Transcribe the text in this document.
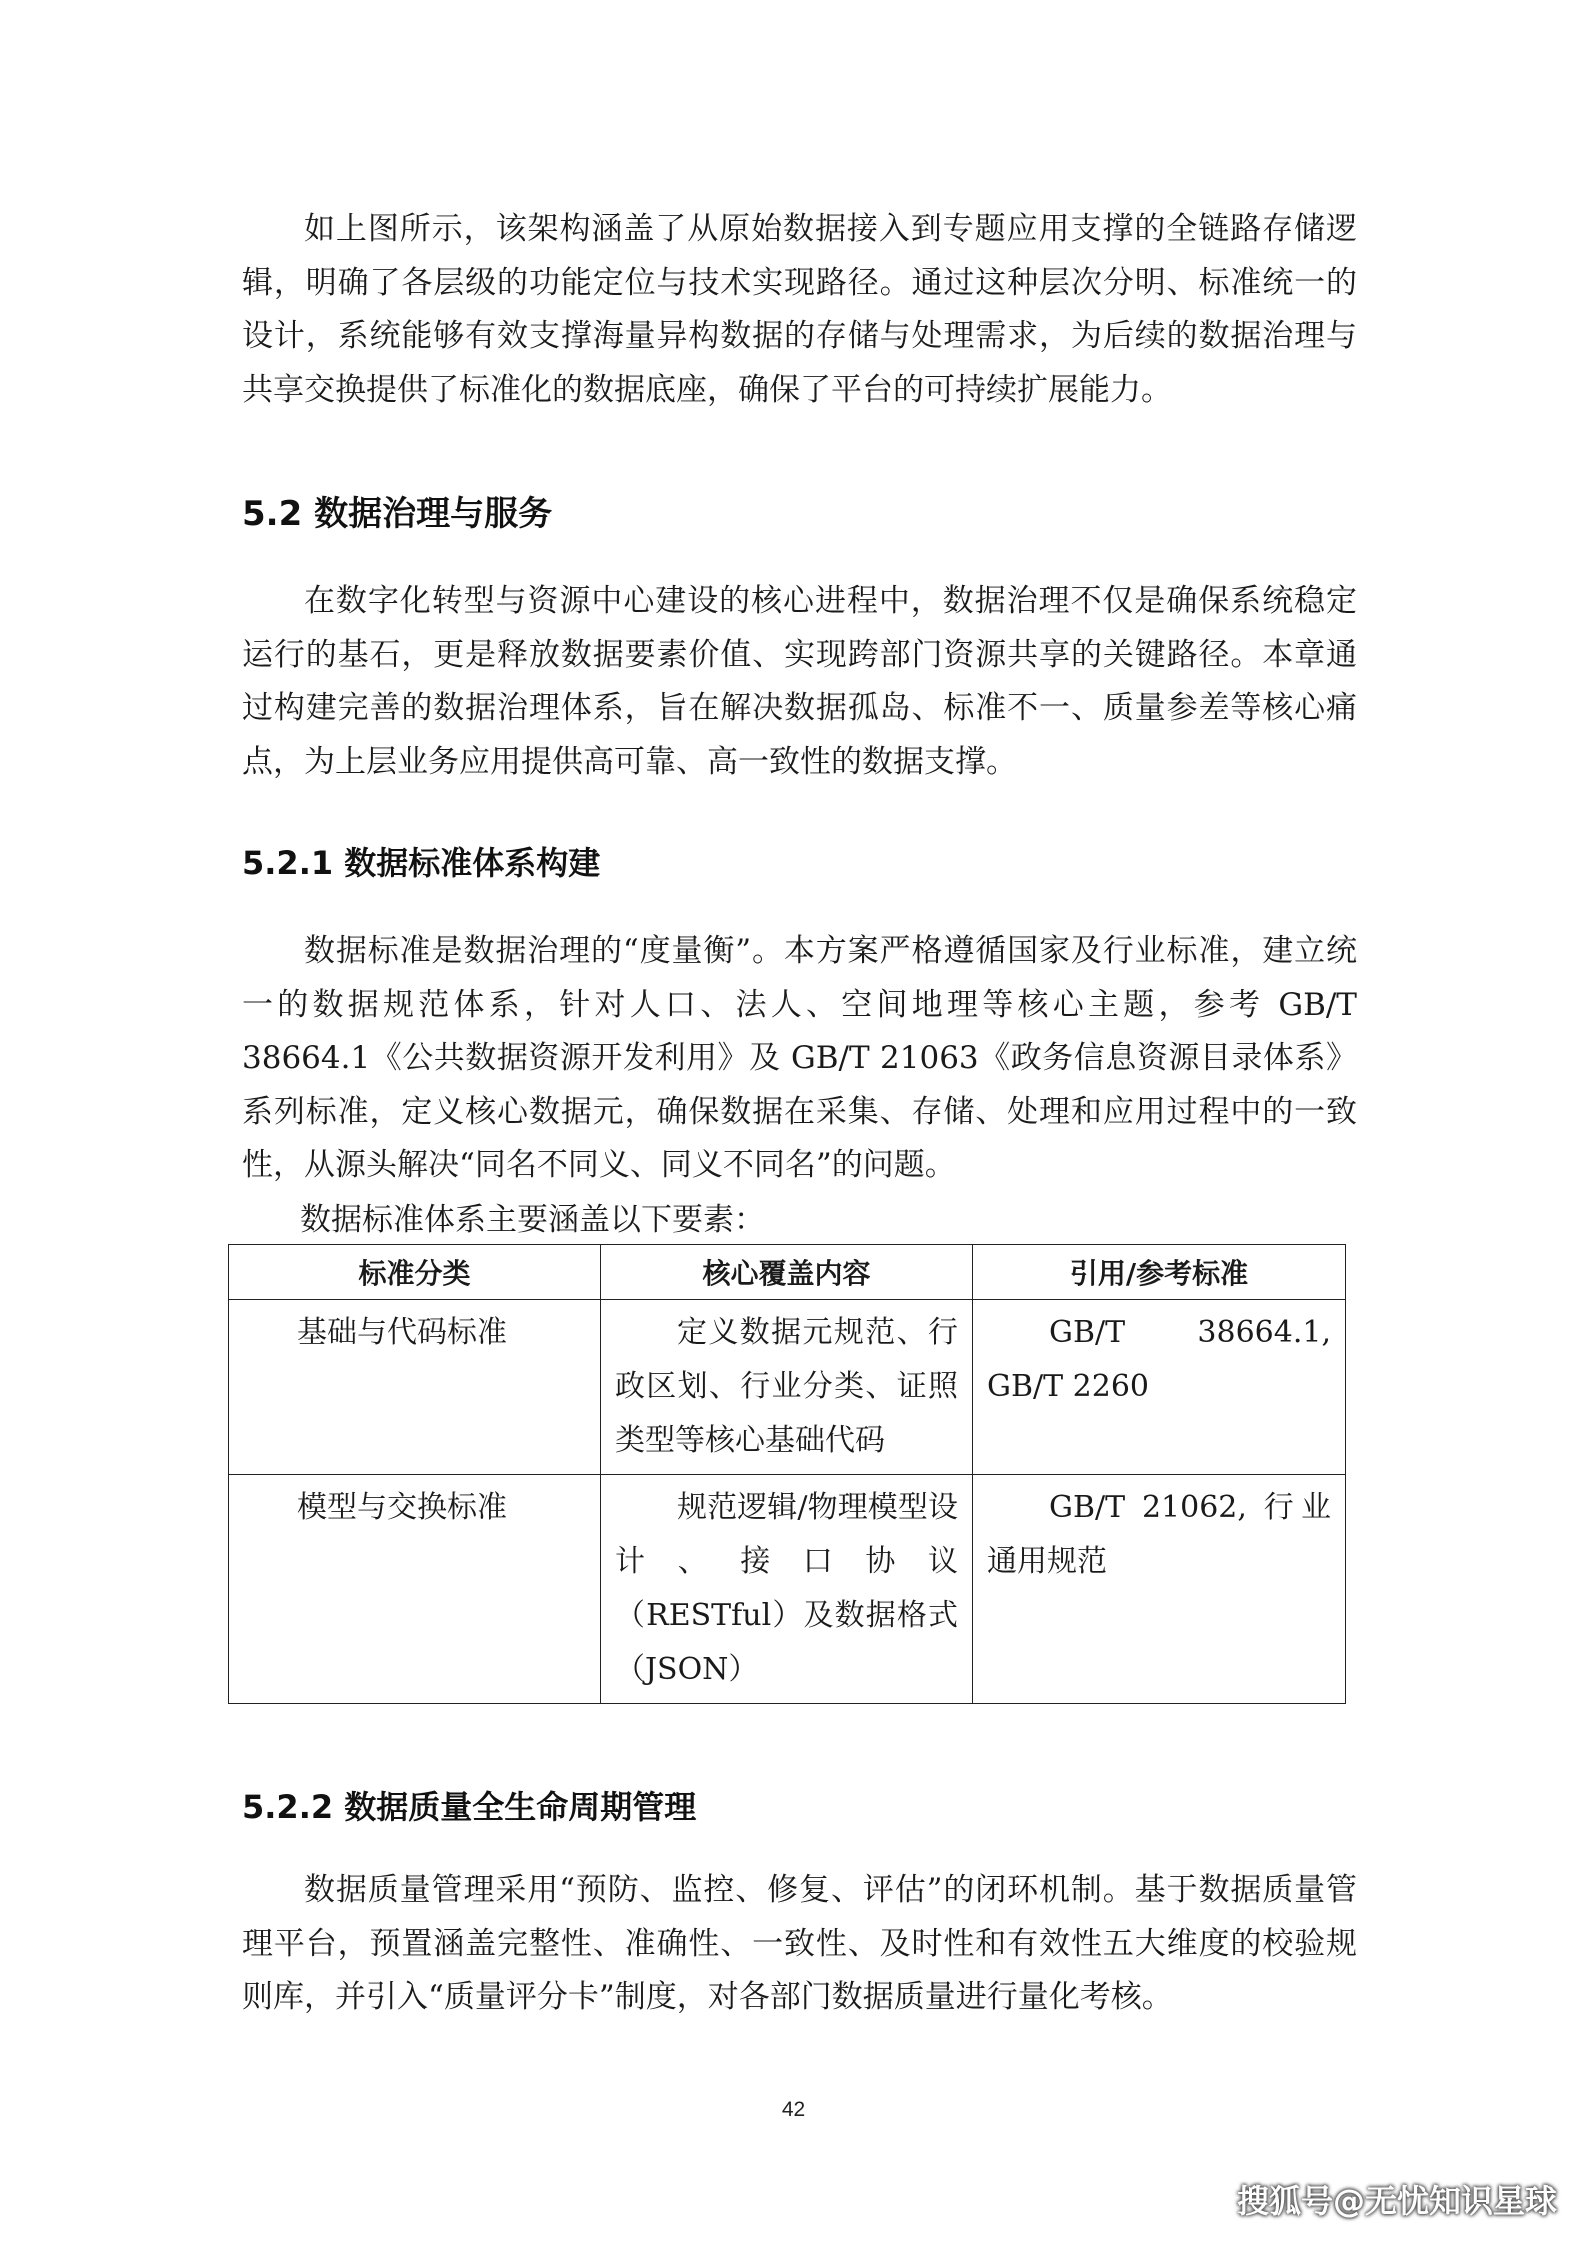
如上图所示，该架构涵盖了从原始数据接入到专题应用支撑的全链路存储逻辑，明确了各层级的功能定位与技术实现路径。通过这种层次分明、标准统一的设计，系统能够有效支撑海量异构数据的存储与处理需求，为后续的数据治理与共享交换提供了标准化的数据底座，确保了平台的可持续扩展能力。

5.2 数据治理与服务

在数字化转型与资源中心建设的核心进程中，数据治理不仅是确保系统稳定运行的基石，更是释放数据要素价值、实现跨部门资源共享的关键路径。本章通过构建完善的数据治理体系，旨在解决数据孤岛、标准不一、质量参差等核心痛点，为上层业务应用提供高可靠、高一致性的数据支撑。

5.2.1 数据标准体系构建

数据标准是数据治理的“度量衡”。本方案严格遵循国家及行业标准，建立统一的数据规范体系，针对人口、法人、空间地理等核心主题，参考 GB/T 38664.1《公共数据资源开发利用》及 GB/T 21063《政务信息资源目录体系》系列标准，定义核心数据元，确保数据在采集、存储、处理和应用过程中的一致性，从源头解决“同名不同义、同义不同名”的问题。

数据标准体系主要涵盖以下要素：

标准分类	核心覆盖内容	引用/参考标准
基础与代码标准	定义数据元规范、行政区划、行业分类、证照类型等核心基础代码	GB/T 38664.1, GB/T 2260
模型与交换标准	规范逻辑/物理模型设计、接口协议（RESTful）及数据格式（JSON）	GB/T 21062, 行业通用规范
5.2.2 数据质量全生命周期管理

数据质量管理采用“预防、监控、修复、评估”的闭环机制。基于数据质量管理平台，预置涵盖完整性、准确性、一致性、及时性和有效性五大维度的校验规则库，并引入“质量评分卡”制度，对各部门数据质量进行量化考核。

42
搜狐号@无忧知识星球
